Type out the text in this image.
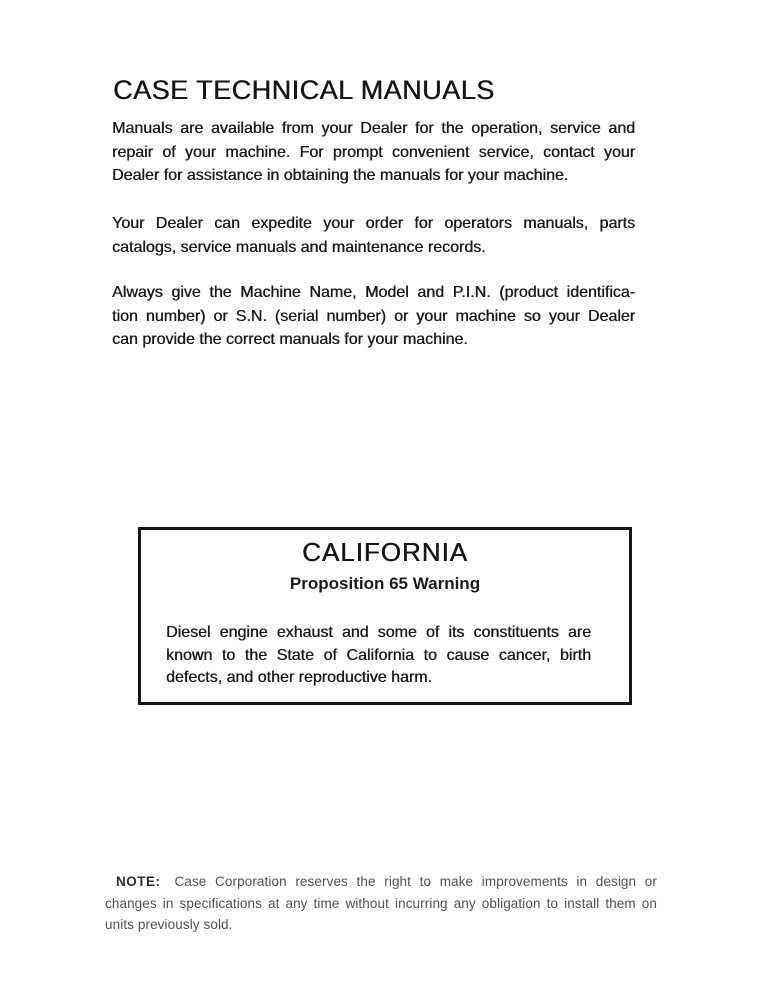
CASE TECHNICAL MANUALS
Manuals are available from your Dealer for the operation, service and
repair of your machine. For prompt convenient service, contact your
Dealer for assistance in obtaining the manuals for your machine.
Your Dealer can expedite your order for operators manuals, parts
catalogs, service manuals and maintenance records.
Always give the Machine Name, Model and P.I.N. (product identifica-
tion number) or S.N. (serial number) or your machine so your Dealer
can provide the correct manuals for your machine.
CALIFORNIA
Proposition 65 Warning
Diesel engine exhaust and some of its constituents are
known to the State of California to cause cancer, birth
defects, and other reproductive harm.
NOTE: Case Corporation reserves the right to make improvements in design or
changes in specifications at any time without incurring any obligation to install them on
units previously sold.
